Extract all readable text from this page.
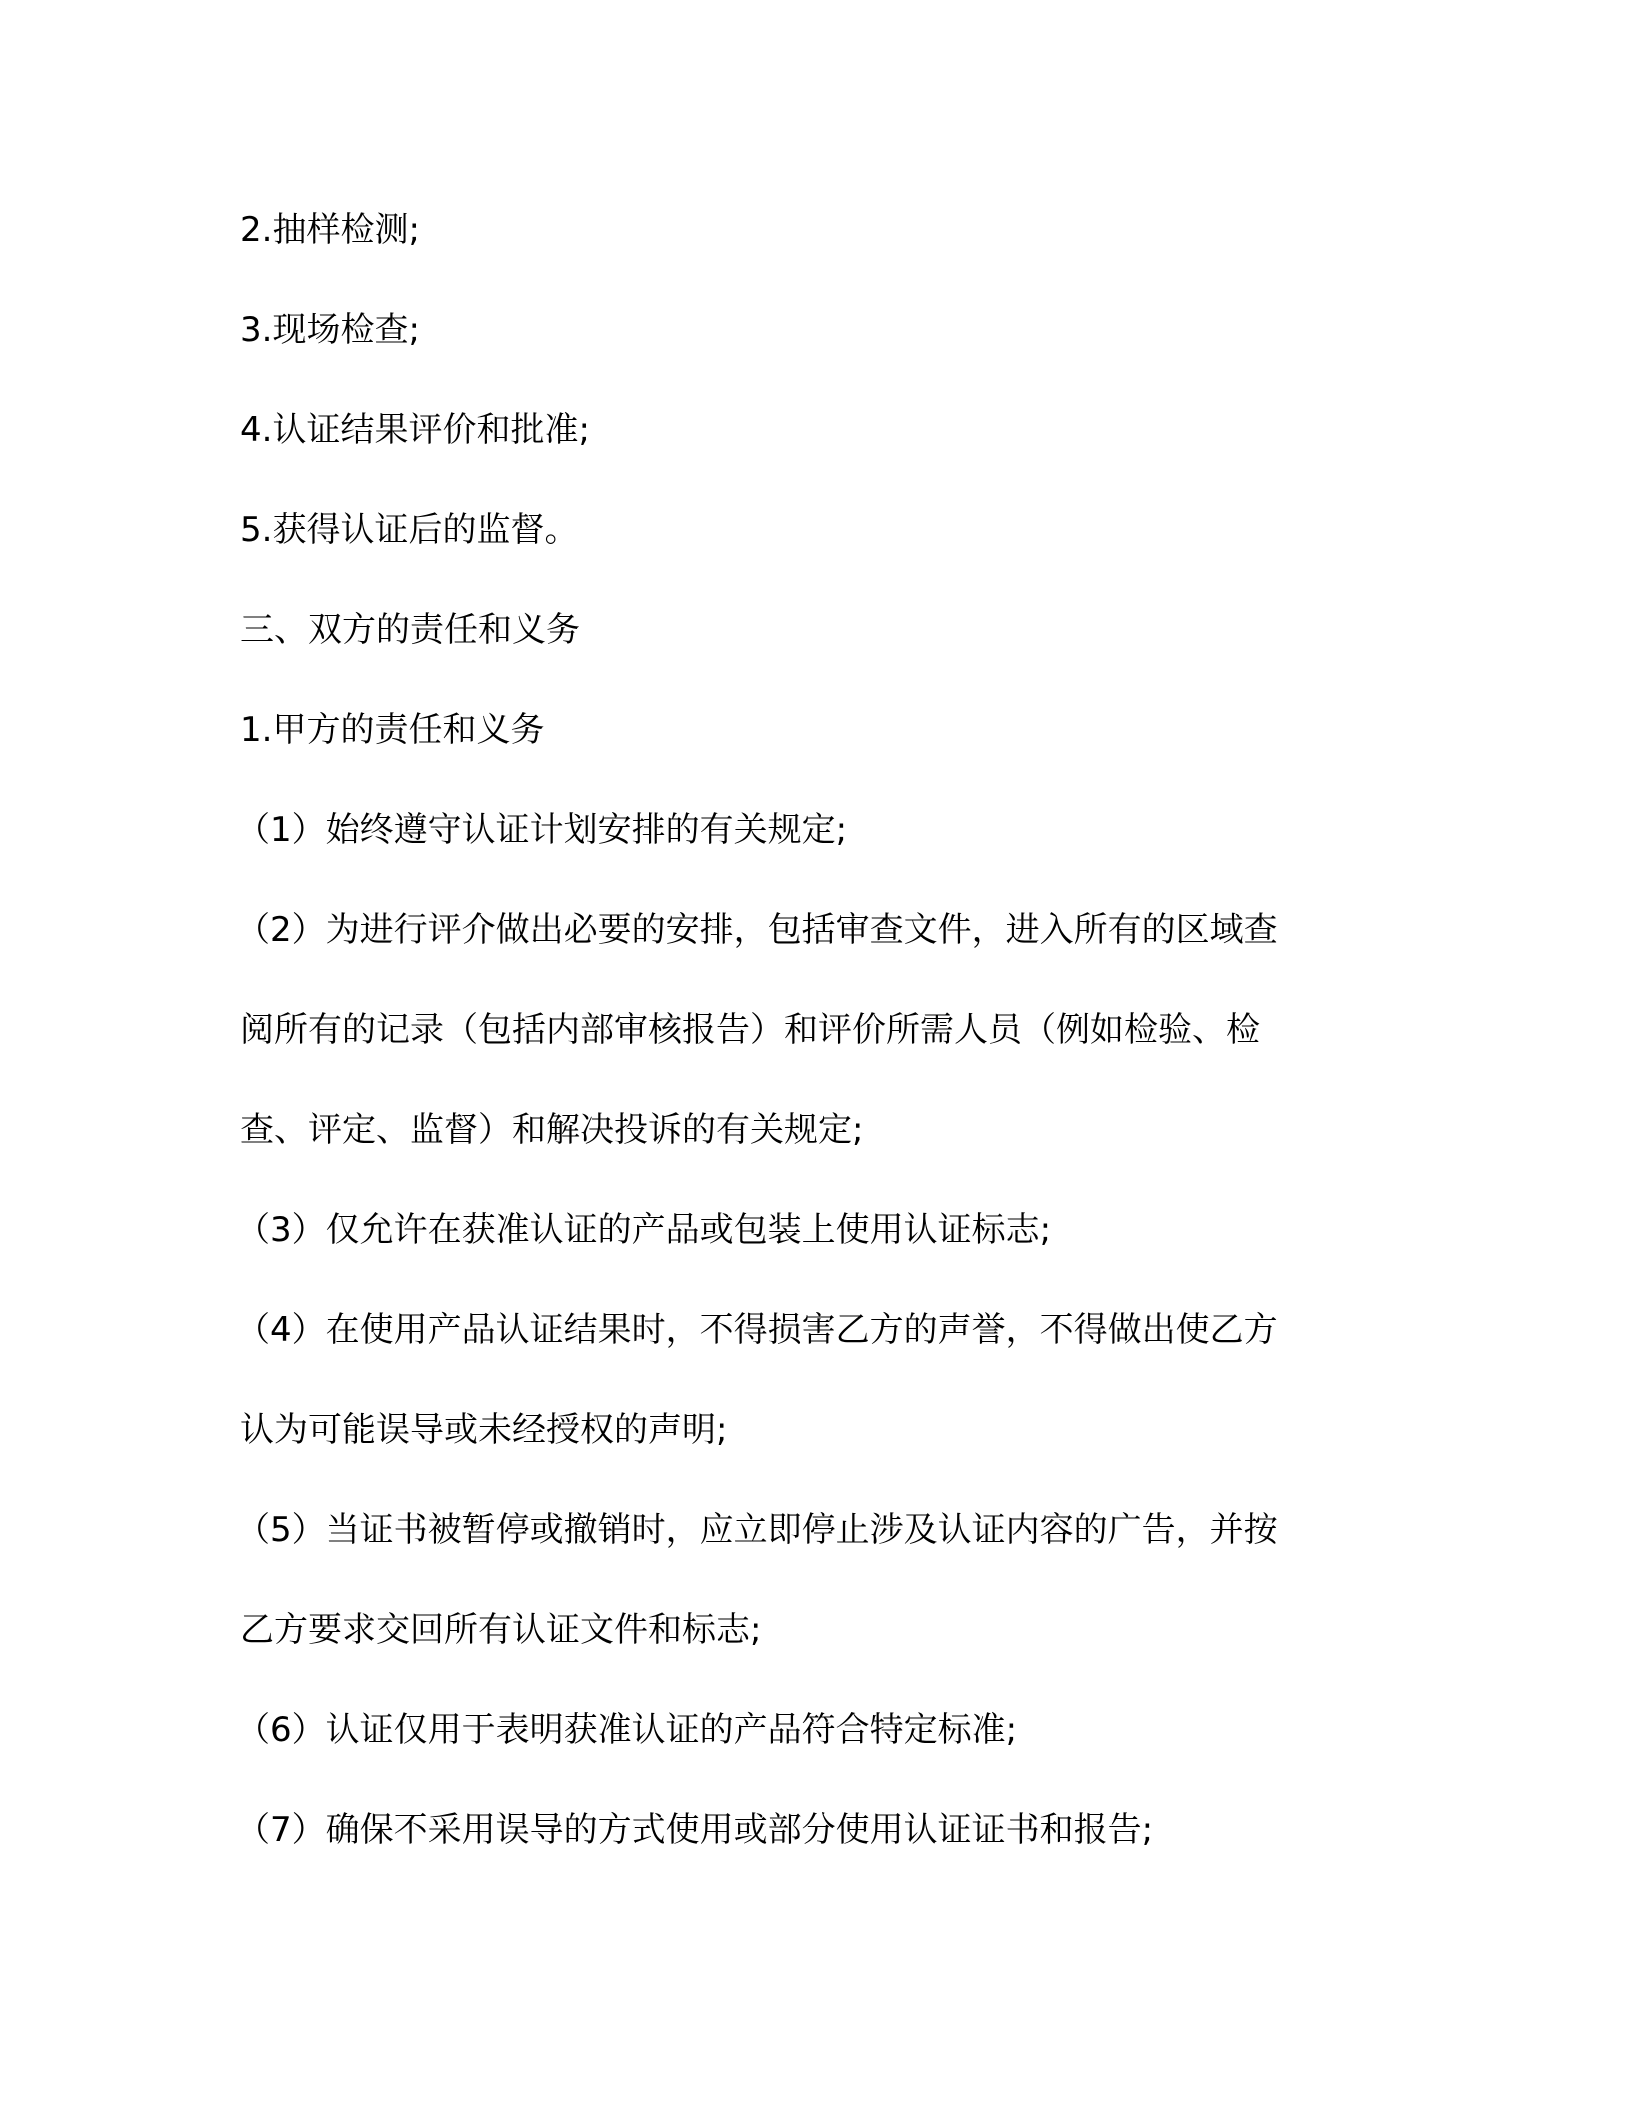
2.抽样检测;

3.现场检查;

4.认证结果评价和批准;

5.获得认证后的监督。

三、双方的责任和义务

1.甲方的责任和义务

（1）始终遵守认证计划安排的有关规定;

（2）为进行评介做出必要的安排，包括审查文件，进入所有的区域查

阅所有的记录（包括内部审核报告）和评价所需人员（例如检验、检

查、评定、监督）和解决投诉的有关规定;

（3）仅允许在获准认证的产品或包装上使用认证标志;

（4）在使用产品认证结果时，不得损害乙方的声誉，不得做出使乙方

认为可能误导或未经授权的声明;

（5）当证书被暂停或撤销时，应立即停止涉及认证内容的广告，并按

乙方要求交回所有认证文件和标志;

（6）认证仅用于表明获准认证的产品符合特定标准;

（7）确保不采用误导的方式使用或部分使用认证证书和报告;
